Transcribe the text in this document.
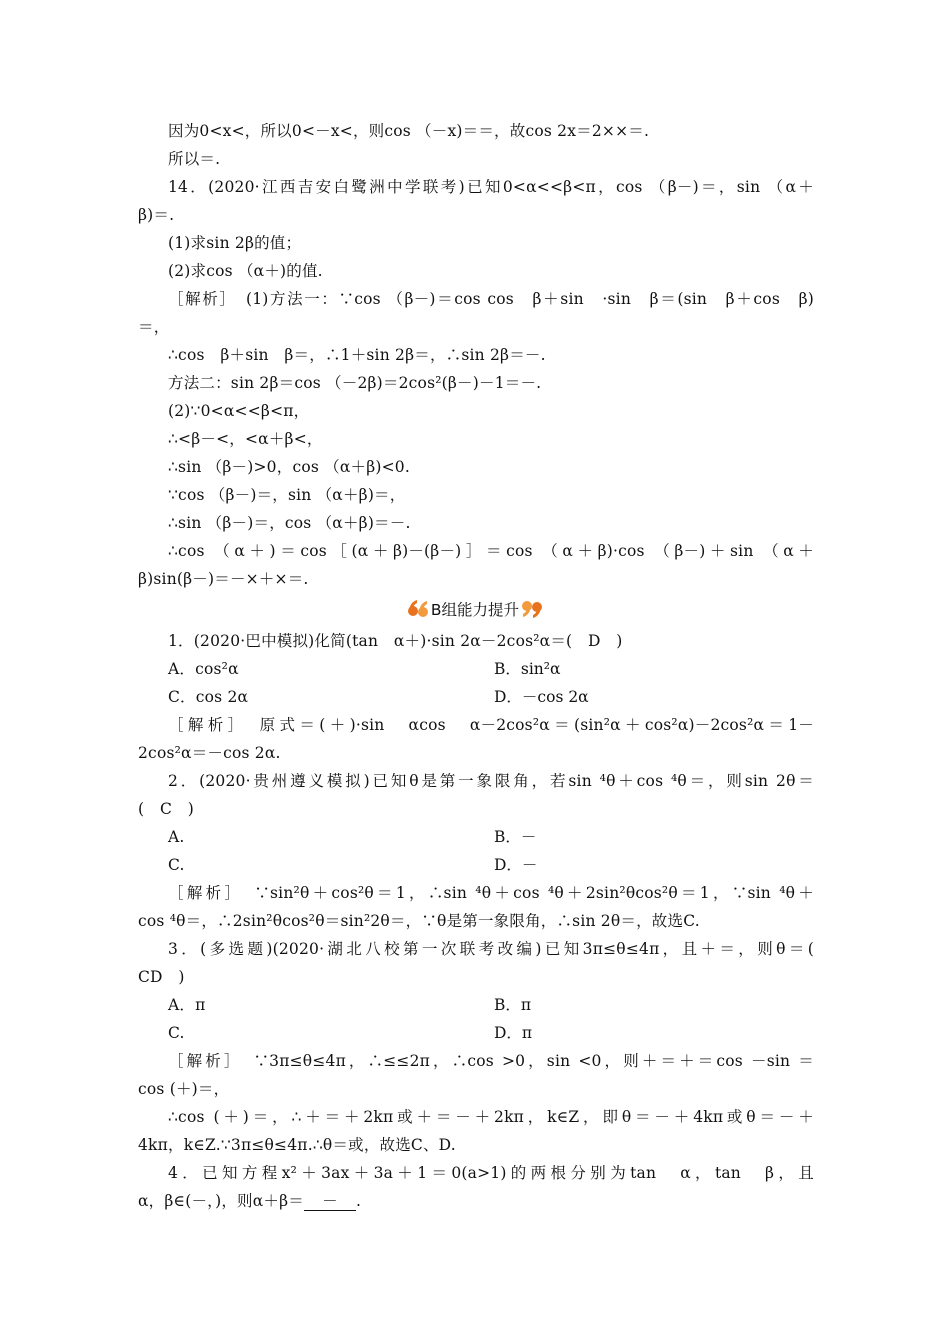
因为0<x<，所以0<－x<，则cos （－x)＝＝，故cos 2x＝2××＝.
所以＝.
14．(2020·江西吉安白鹭洲中学联考)已知0<α<<β<π，cos （β－)＝，sin （α＋
β)＝.
(1)求sin 2β的值；
(2)求cos （α＋)的值.
［解析］　(1)方法一：∵cos （β－)＝cos cos　β＋sin　·sin　β＝(sin　β＋cos　β)
＝，
∴cos　β＋sin　β＝，∴1＋sin 2β＝，∴sin 2β＝－.
方法二：sin 2β＝cos （－2β)＝2cos²(β－)－1＝－.
(2)∵0<α<<β<π，
∴<β－<，<α＋β<，
∴sin （β－)>0，cos （α＋β)<0.
∵cos （β－)＝，sin （α＋β)＝，
∴sin （β－)＝，cos （α＋β)＝－.
∴cos （α＋)＝cos［(α＋β)－(β－)］＝cos （α＋β)·cos （β－)＋sin （α＋
β)sin(β－)＝－×＋×＝.
B组能力提升
1．(2020·巴中模拟)化简(tan　α＋)·sin 2α－2cos²α＝(　D　)
A．cos²α	B．sin²α
C．cos 2α	D．－cos 2α
［解析］　原式＝(＋)·sin　αcos　α－2cos²α＝(sin²α＋cos²α)－2cos²α＝1－
2cos²α＝－cos 2α.
2．(2020·贵州遵义模拟)已知θ是第一象限角，若sin ⁴θ＋cos ⁴θ＝，则sin 2θ＝
(　C　)
A.	B．－
C.	D．－
［解析］　∵sin²θ＋cos²θ＝1，∴sin ⁴θ＋cos ⁴θ＋2sin²θcos²θ＝1，∵sin ⁴θ＋
cos ⁴θ＝，∴2sin²θcos²θ＝sin²2θ＝，∵θ是第一象限角，∴sin 2θ＝，故选C.
3．(多选题)(2020·湖北八校第一次联考改编)已知3π≤θ≤4π，且＋＝，则θ＝(
CD　)
A．π	B．π
C.	D．π
［解析］　∵3π≤θ≤4π，∴≤≤2π，∴cos >0，sin <0，则＋＝＋＝cos －sin ＝
cos (＋)＝，
∴cos (＋)＝，∴＋＝＋2kπ或＋＝－＋2kπ，k∈Z，即θ＝－＋4kπ或θ＝－＋
4kπ，k∈Z.∵3π≤θ≤4π.∴θ＝或，故选C、D.
4．已知方程x²＋3ax＋3a＋1＝0(a>1)的两根分别为tan　α，tan　β，且
α，β∈(－，)，则α＋β＝ － .
